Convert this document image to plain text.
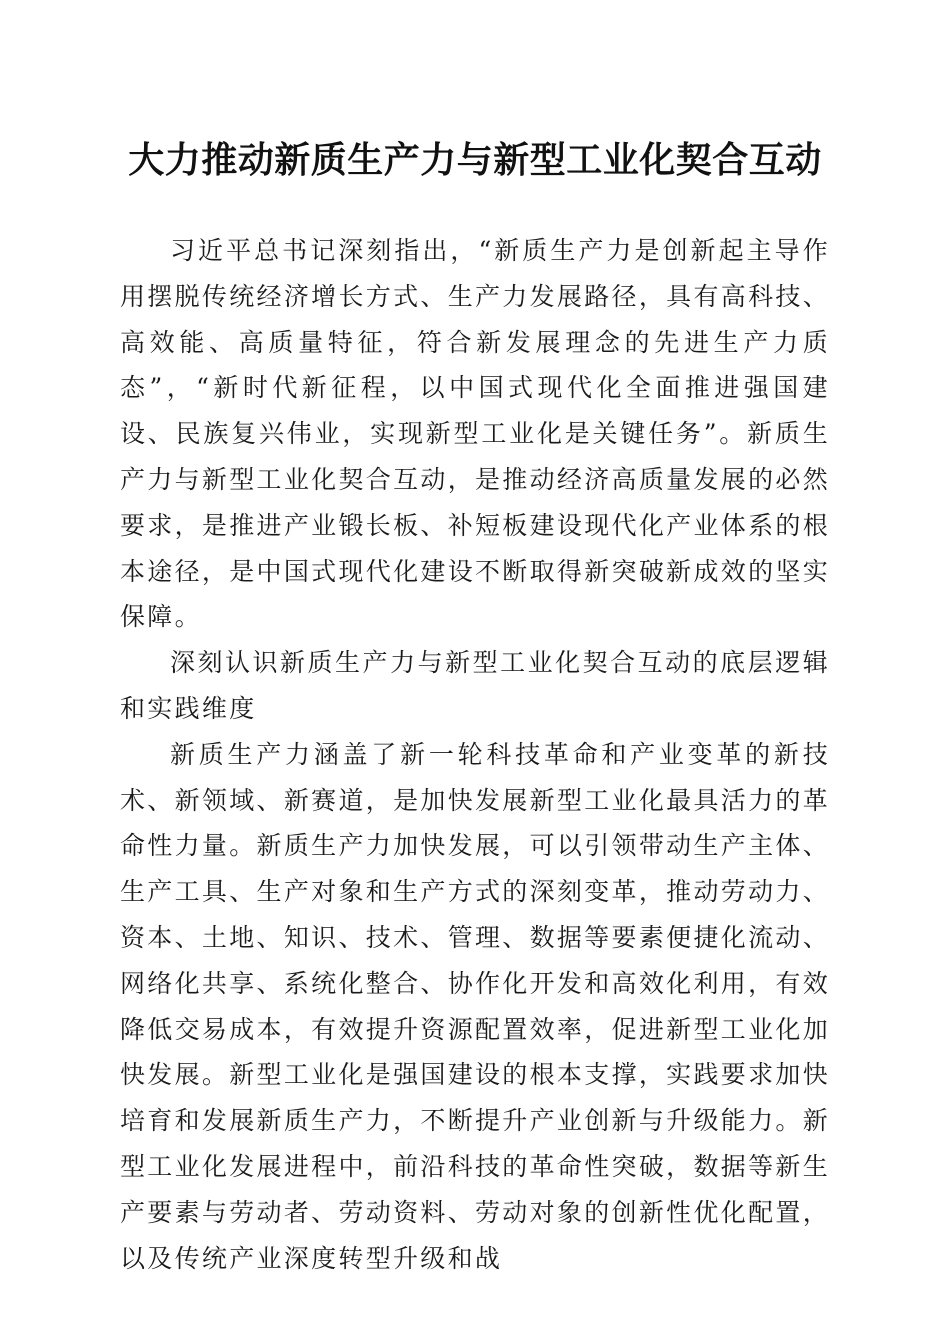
大力推动新质生产力与新型工业化契合互动

习近平总书记深刻指出，“新质生产力是创新起主导作用摆脱传统经济增长方式、生产力发展路径，具有高科技、高效能、高质量特征，符合新发展理念的先进生产力质态”，“新时代新征程，以中国式现代化全面推进强国建设、民族复兴伟业，实现新型工业化是关键任务”。新质生产力与新型工业化契合互动，是推动经济高质量发展的必然要求，是推进产业锻长板、补短板建设现代化产业体系的根本途径，是中国式现代化建设不断取得新突破新成效的坚实保障。

深刻认识新质生产力与新型工业化契合互动的底层逻辑和实践维度

新质生产力涵盖了新一轮科技革命和产业变革的新技术、新领域、新赛道，是加快发展新型工业化最具活力的革命性力量。新质生产力加快发展，可以引领带动生产主体、生产工具、生产对象和生产方式的深刻变革，推动劳动力、资本、土地、知识、技术、管理、数据等要素便捷化流动、网络化共享、系统化整合、协作化开发和高效化利用，有效降低交易成本，有效提升资源配置效率，促进新型工业化加快发展。新型工业化是强国建设的根本支撑，实践要求加快培育和发展新质生产力，不断提升产业创新与升级能力。新型工业化发展进程中，前沿科技的革命性突破，数据等新生产要素与劳动者、劳动资料、劳动对象的创新性优化配置，以及传统产业深度转型升级和战
